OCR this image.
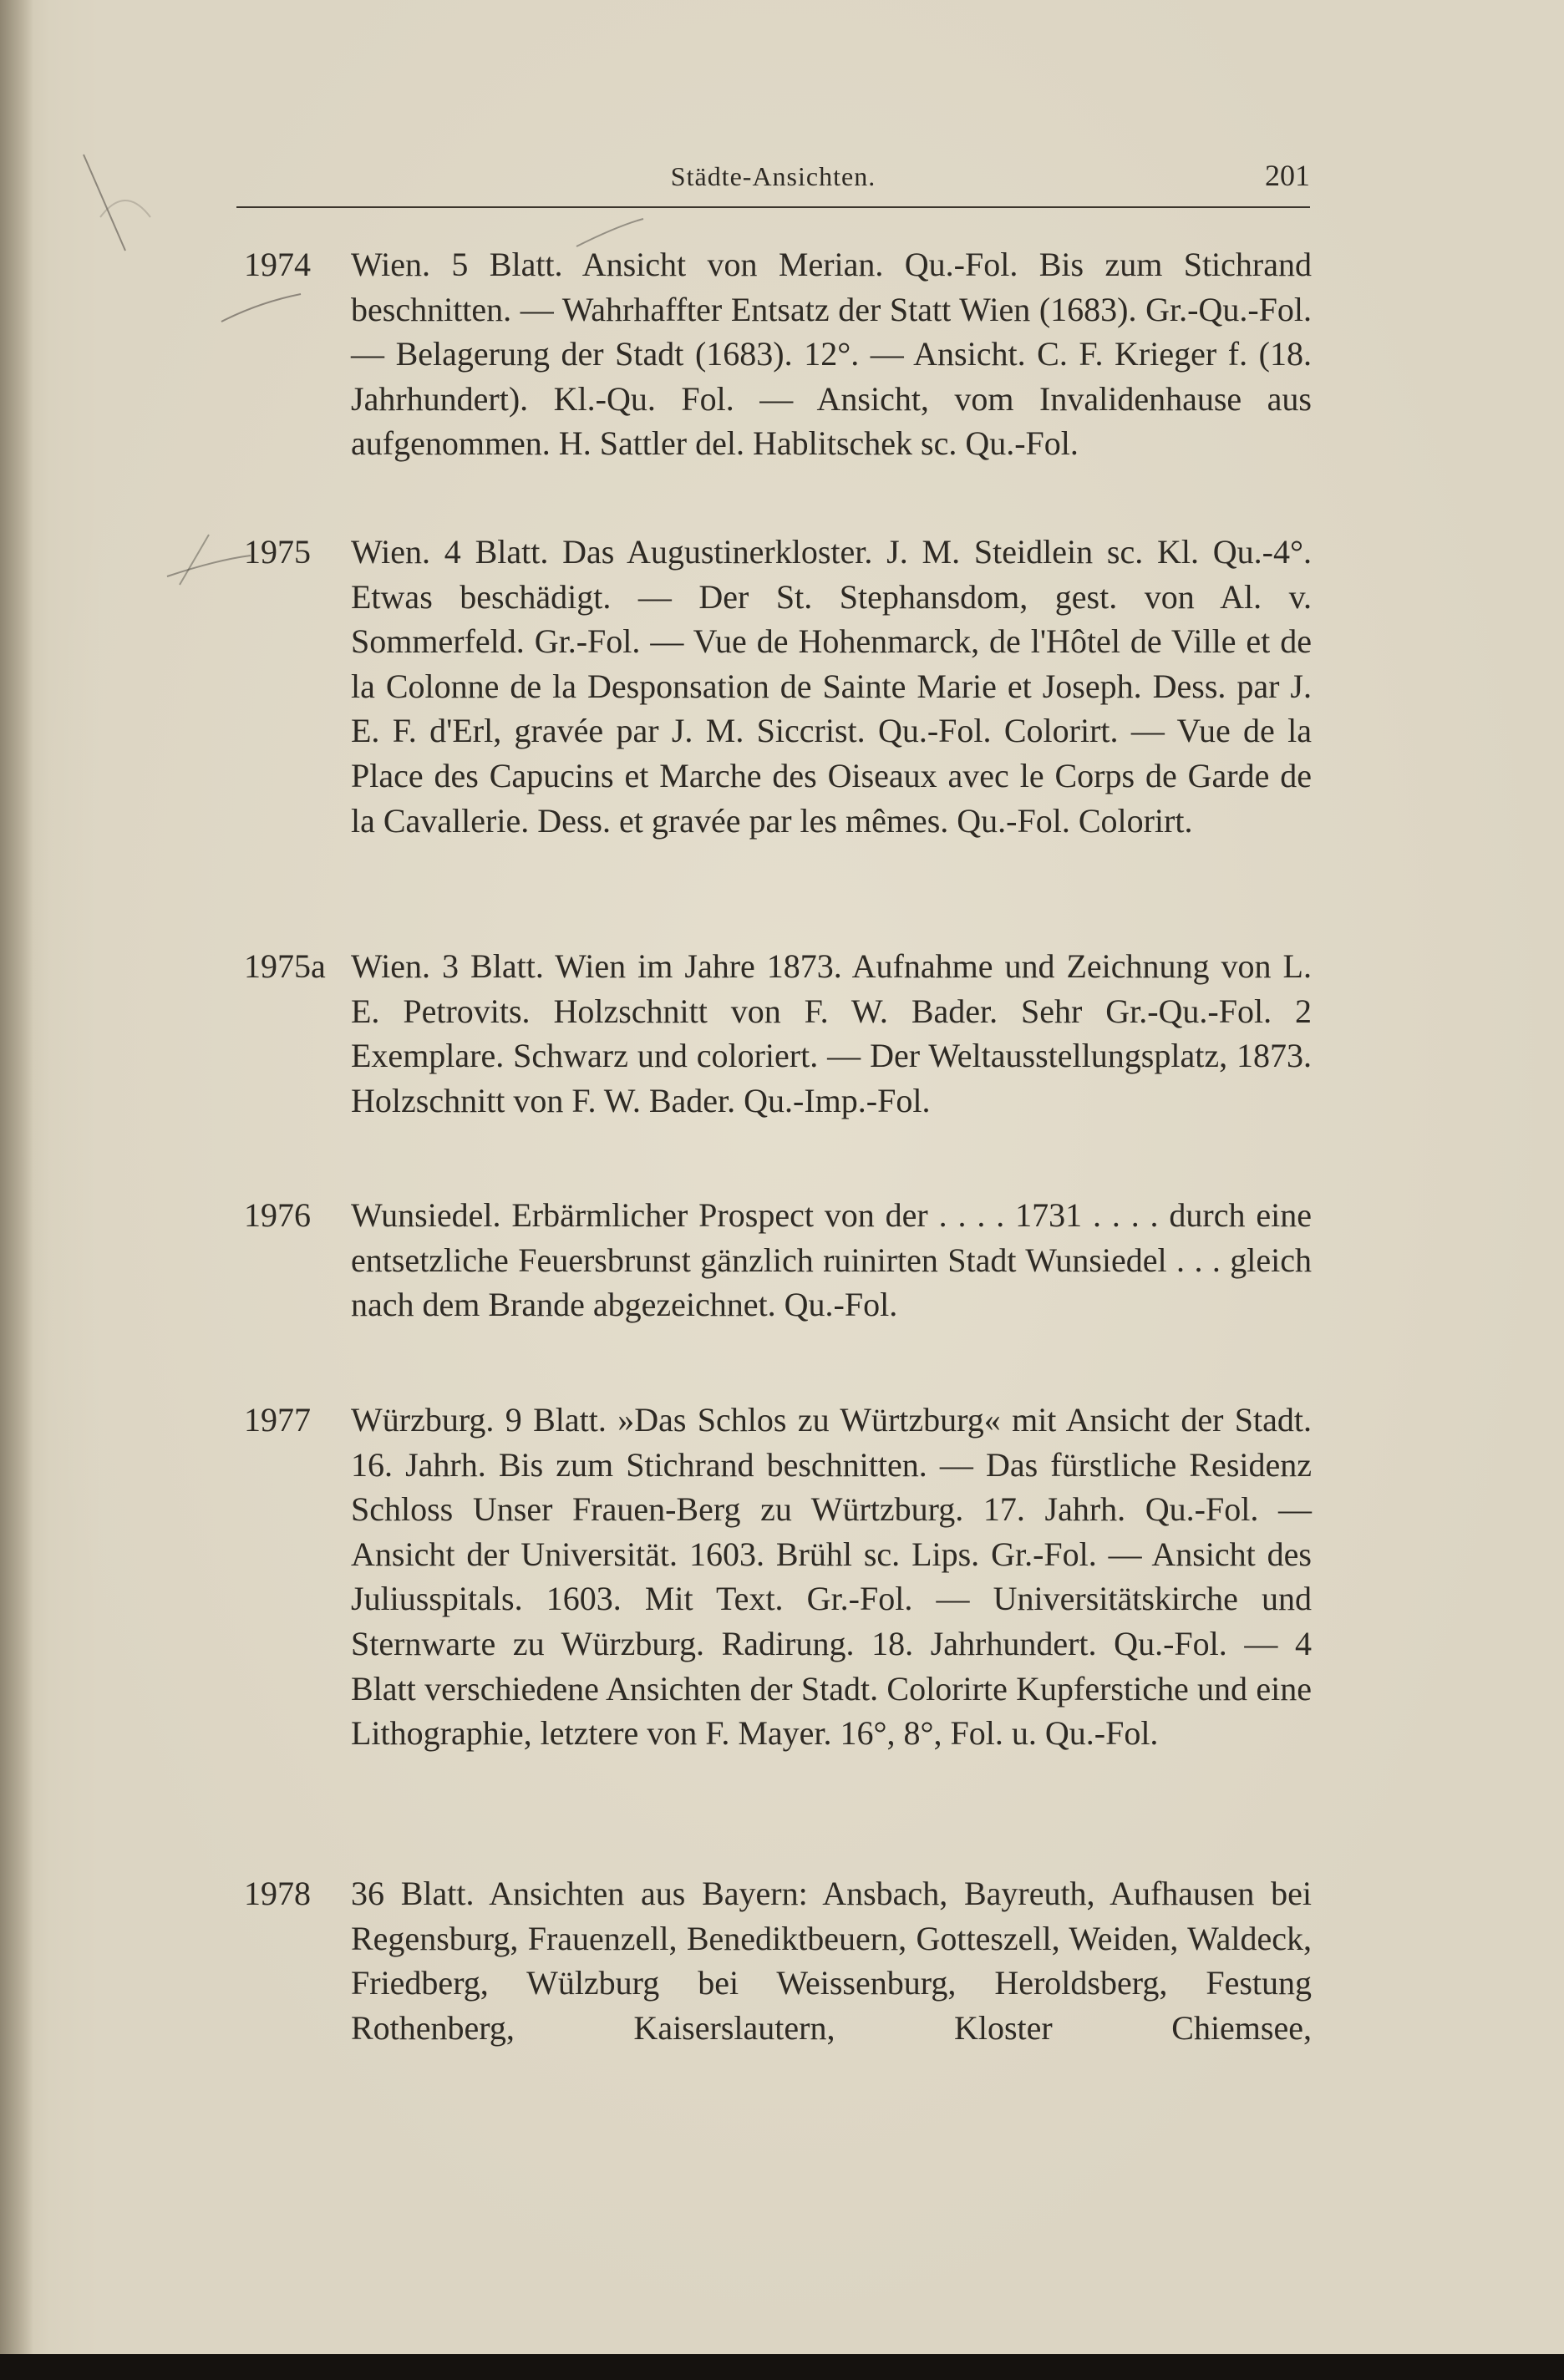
Städte-Ansichten.	201
1974 Wien. 5 Blatt. Ansicht von Merian. Qu.-Fol. Bis zum Stichrand beschnitten. — Wahrhaffter Entsatz der Statt Wien (1683). Gr.-Qu.-Fol. — Belagerung der Stadt (1683). 12°. — Ansicht. C. F. Krieger f. (18. Jahrhundert). Kl.-Qu. Fol. — Ansicht, vom Invalidenhause aus aufgenommen. H. Sattler del. Hablitschek sc. Qu.-Fol.
1975 Wien. 4 Blatt. Das Augustinerkloster. J. M. Steidlein sc. Kl. Qu.-4°. Etwas beschädigt. — Der St. Stephansdom, gest. von Al. v. Sommerfeld. Gr.-Fol. — Vue de Hohenmarck, de l'Hôtel de Ville et de la Colonne de la Desponsation de Sainte Marie et Joseph. Dess. par J. E. F. d'Erl, gravée par J. M. Siccrist. Qu.-Fol. Colorirt. — Vue de la Place des Capucins et Marche des Oiseaux avec le Corps de Garde de la Cavallerie. Dess. et gravée par les mêmes. Qu.-Fol. Colorirt.
1975a Wien. 3 Blatt. Wien im Jahre 1873. Aufnahme und Zeichnung von L. E. Petrovits. Holzschnitt von F. W. Bader. Sehr Gr.-Qu.-Fol. 2 Exemplare. Schwarz und coloriert. — Der Weltausstellungsplatz, 1873. Holzschnitt von F. W. Bader. Qu.-Imp.-Fol.
1976 Wunsiedel. Erbärmlicher Prospect von der . . . . 1731 . . . . durch eine entsetzliche Feuersbrunst gänzlich ruinirten Stadt Wunsiedel . . . gleich nach dem Brande abgezeichnet. Qu.-Fol.
1977 Würzburg. 9 Blatt. »Das Schlos zu Würtzburg« mit Ansicht der Stadt. 16. Jahrh. Bis zum Stichrand beschnitten. — Das fürstliche Residenz Schloss Unser Frauen-Berg zu Würtzburg. 17. Jahrh. Qu.-Fol. — Ansicht der Universität. 1603. Brühl sc. Lips. Gr.-Fol. — Ansicht des Juliusspitals. 1603. Mit Text. Gr.-Fol. — Universitätskirche und Sternwarte zu Würzburg. Radirung. 18. Jahrhundert. Qu.-Fol. — 4 Blatt verschiedene Ansichten der Stadt. Colorirte Kupferstiche und eine Lithographie, letztere von F. Mayer. 16°, 8°, Fol. u. Qu.-Fol.
1978 36 Blatt. Ansichten aus Bayern: Ansbach, Bayreuth, Aufhausen bei Regensburg, Frauenzell, Benediktbeuern, Gotteszell, Weiden, Waldeck, Friedberg, Wülzburg bei Weissenburg, Heroldsberg, Festung Rothenberg, Kaiserslautern, Kloster Chiemsee,
